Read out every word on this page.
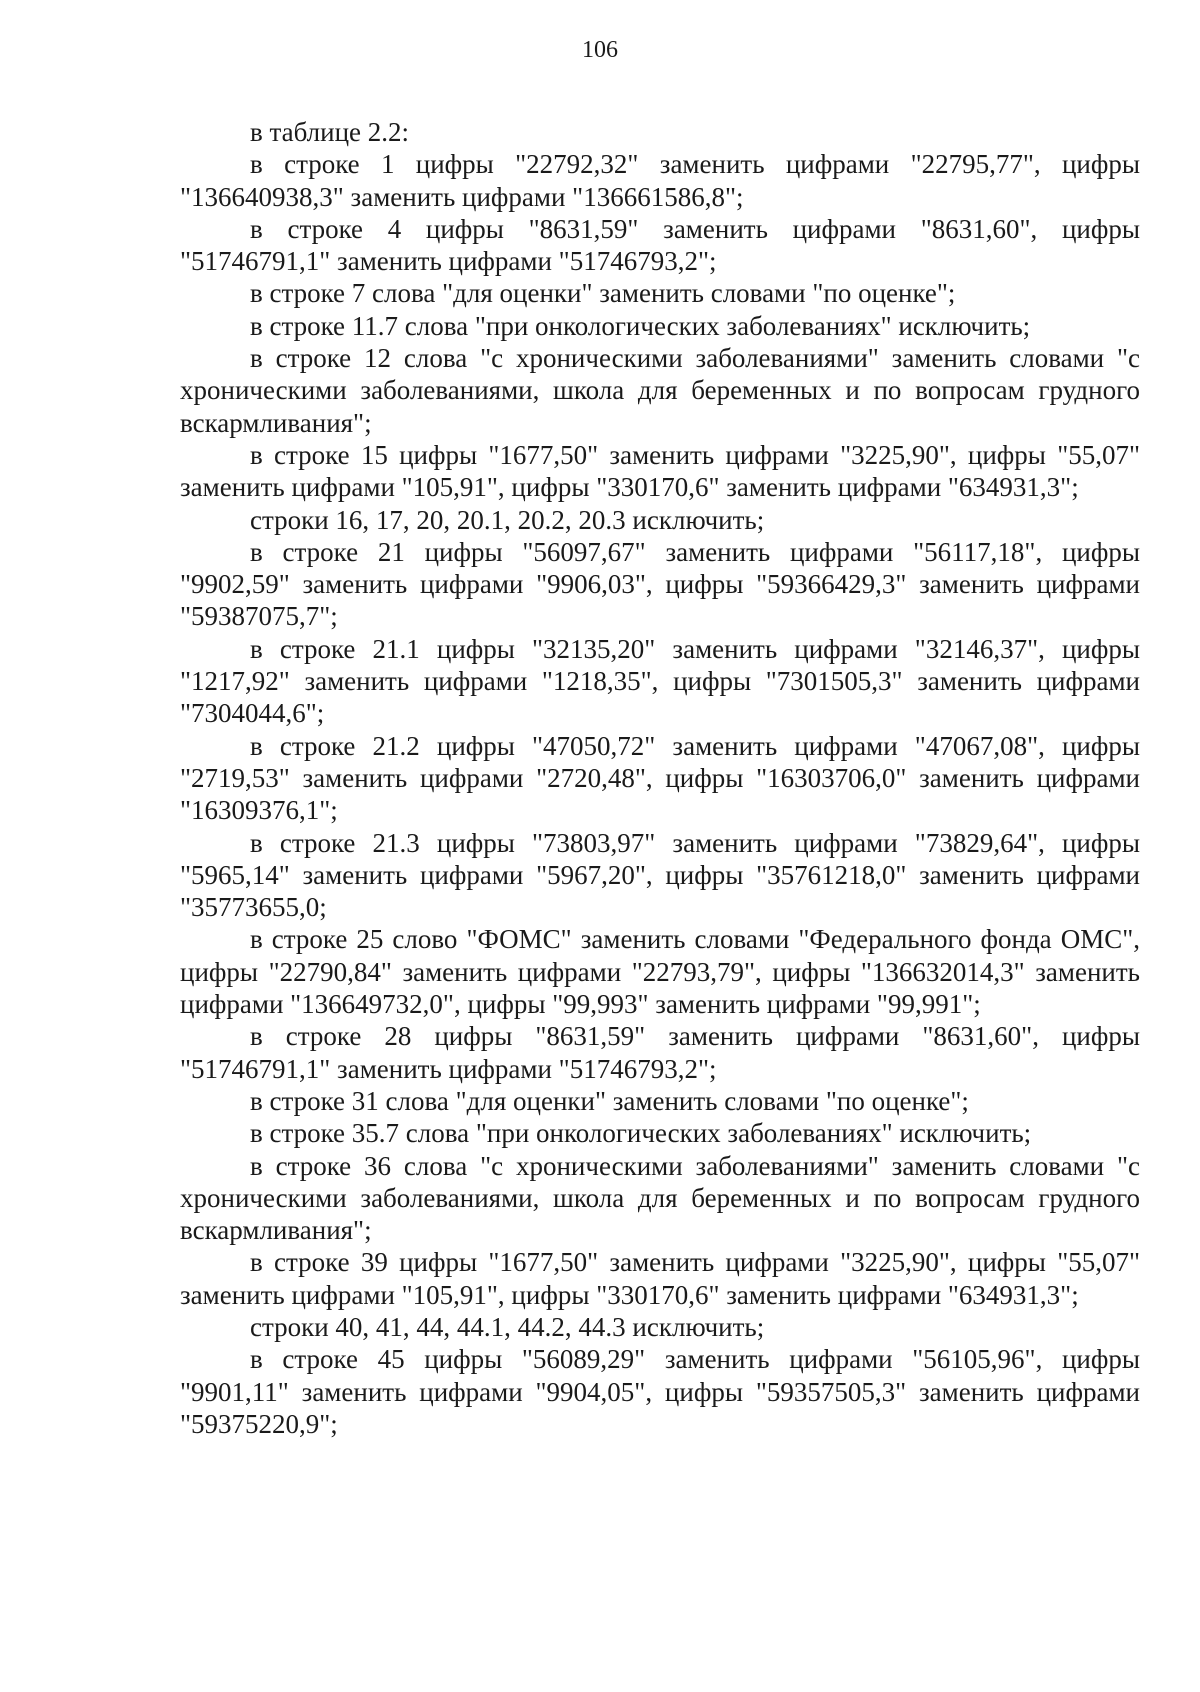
106

в таблице 2.2:

в строке 1 цифры "22792,32" заменить цифрами "22795,77", цифры "136640938,3" заменить цифрами "136661586,8";

в строке 4 цифры "8631,59" заменить цифрами "8631,60", цифры "51746791,1" заменить цифрами "51746793,2";

в строке 7 слова "для оценки" заменить словами "по оценке";

в строке 11.7 слова "при онкологических заболеваниях" исключить;

в строке 12 слова "с хроническими заболеваниями" заменить словами "с хроническими заболеваниями, школа для беременных и по вопросам грудного вскармливания";

в строке 15 цифры "1677,50" заменить цифрами "3225,90", цифры "55,07" заменить цифрами "105,91", цифры "330170,6" заменить цифрами "634931,3";

строки 16, 17, 20, 20.1, 20.2, 20.3 исключить;

в строке 21 цифры "56097,67" заменить цифрами "56117,18", цифры "9902,59" заменить цифрами "9906,03", цифры "59366429,3" заменить цифрами "59387075,7";

в строке 21.1 цифры "32135,20" заменить цифрами "32146,37", цифры "1217,92" заменить цифрами "1218,35", цифры "7301505,3" заменить цифрами "7304044,6";

в строке 21.2 цифры "47050,72" заменить цифрами "47067,08", цифры "2719,53" заменить цифрами "2720,48", цифры "16303706,0" заменить цифрами "16309376,1";

в строке 21.3 цифры "73803,97" заменить цифрами "73829,64", цифры "5965,14" заменить цифрами "5967,20", цифры "35761218,0" заменить цифрами "35773655,0;

в строке 25 слово "ФОМС" заменить словами "Федерального фонда ОМС", цифры "22790,84" заменить цифрами "22793,79", цифры "136632014,3" заменить цифрами "136649732,0", цифры "99,993" заменить цифрами "99,991";

в строке 28 цифры "8631,59" заменить цифрами "8631,60", цифры "51746791,1" заменить цифрами "51746793,2";

в строке 31 слова "для оценки" заменить словами "по оценке";

в строке 35.7 слова "при онкологических заболеваниях" исключить;

в строке 36 слова "с хроническими заболеваниями" заменить словами "с хроническими заболеваниями, школа для беременных и по вопросам грудного вскармливания";

в строке 39 цифры "1677,50" заменить цифрами "3225,90", цифры "55,07" заменить цифрами "105,91", цифры "330170,6" заменить цифрами "634931,3";

строки 40, 41, 44, 44.1, 44.2, 44.3 исключить;

в строке 45 цифры "56089,29" заменить цифрами "56105,96", цифры "9901,11" заменить цифрами "9904,05", цифры "59357505,3" заменить цифрами "59375220,9";
